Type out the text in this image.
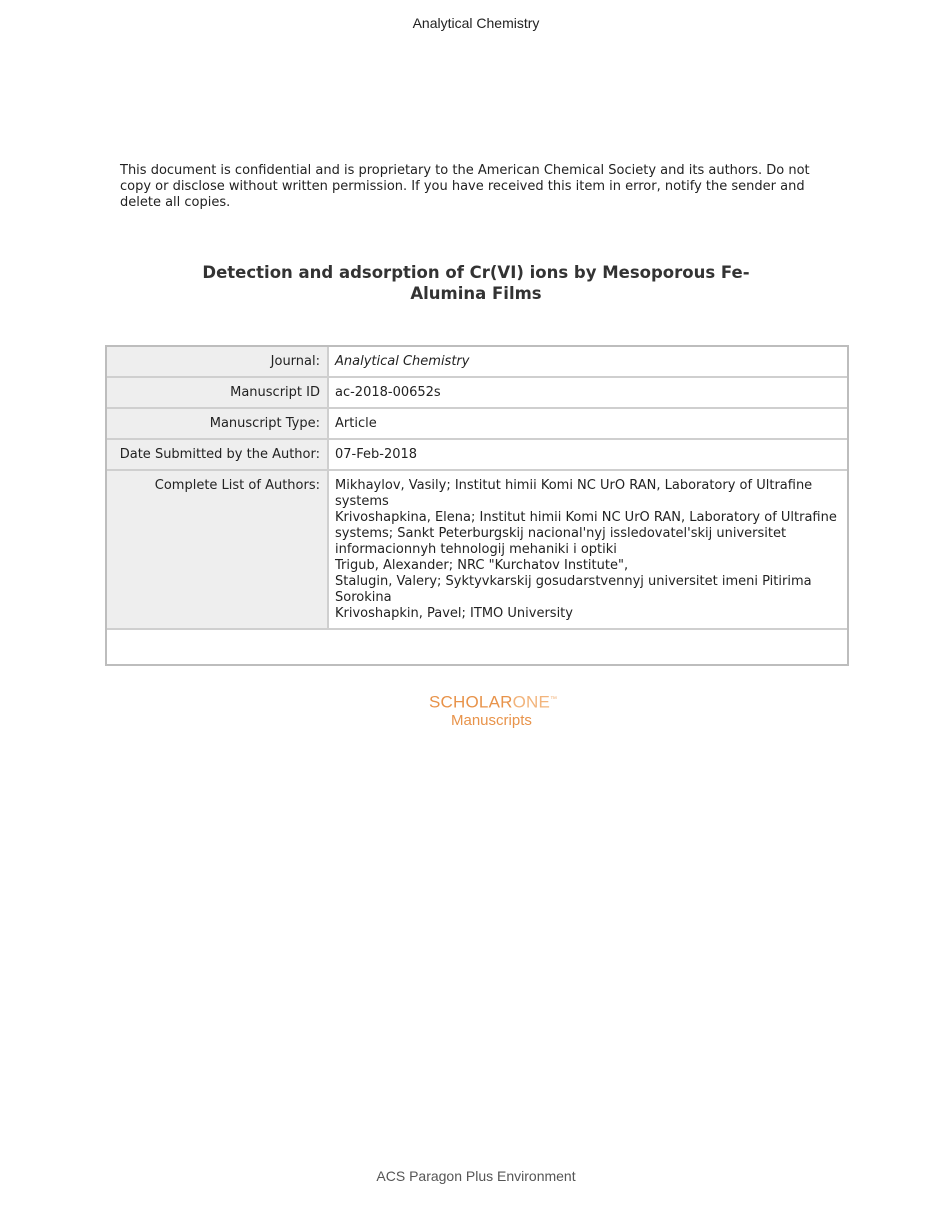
Analytical Chemistry
This document is confidential and is proprietary to the American Chemical Society and its authors. Do not copy or disclose without written permission. If you have received this item in error, notify the sender and delete all copies.
Detection and adsorption of Cr(VI) ions by Mesoporous Fe-
Alumina Films
Journal:	Analytical Chemistry
Manuscript ID	ac-2018-00652s
Manuscript Type:	Article
Date Submitted by the Author:	07-Feb-2018
Complete List of Authors:	Mikhaylov, Vasily; Institut himii Komi NC UrO RAN, Laboratory of Ultrafine systems
Krivoshapkina, Elena; Institut himii Komi NC UrO RAN, Laboratory of Ultrafine systems; Sankt Peterburgskij nacional'nyj issledovatel'skij universitet informacionnyh tehnologij mehaniki i optiki
Trigub, Alexander; NRC "Kurchatov Institute",
Stalugin, Valery; Syktyvkarskij gosudarstvennyj universitet imeni Pitirima Sorokina
Krivoshapkin, Pavel; ITMO University
SCHOLARONE™
Manuscripts
ACS Paragon Plus Environment
